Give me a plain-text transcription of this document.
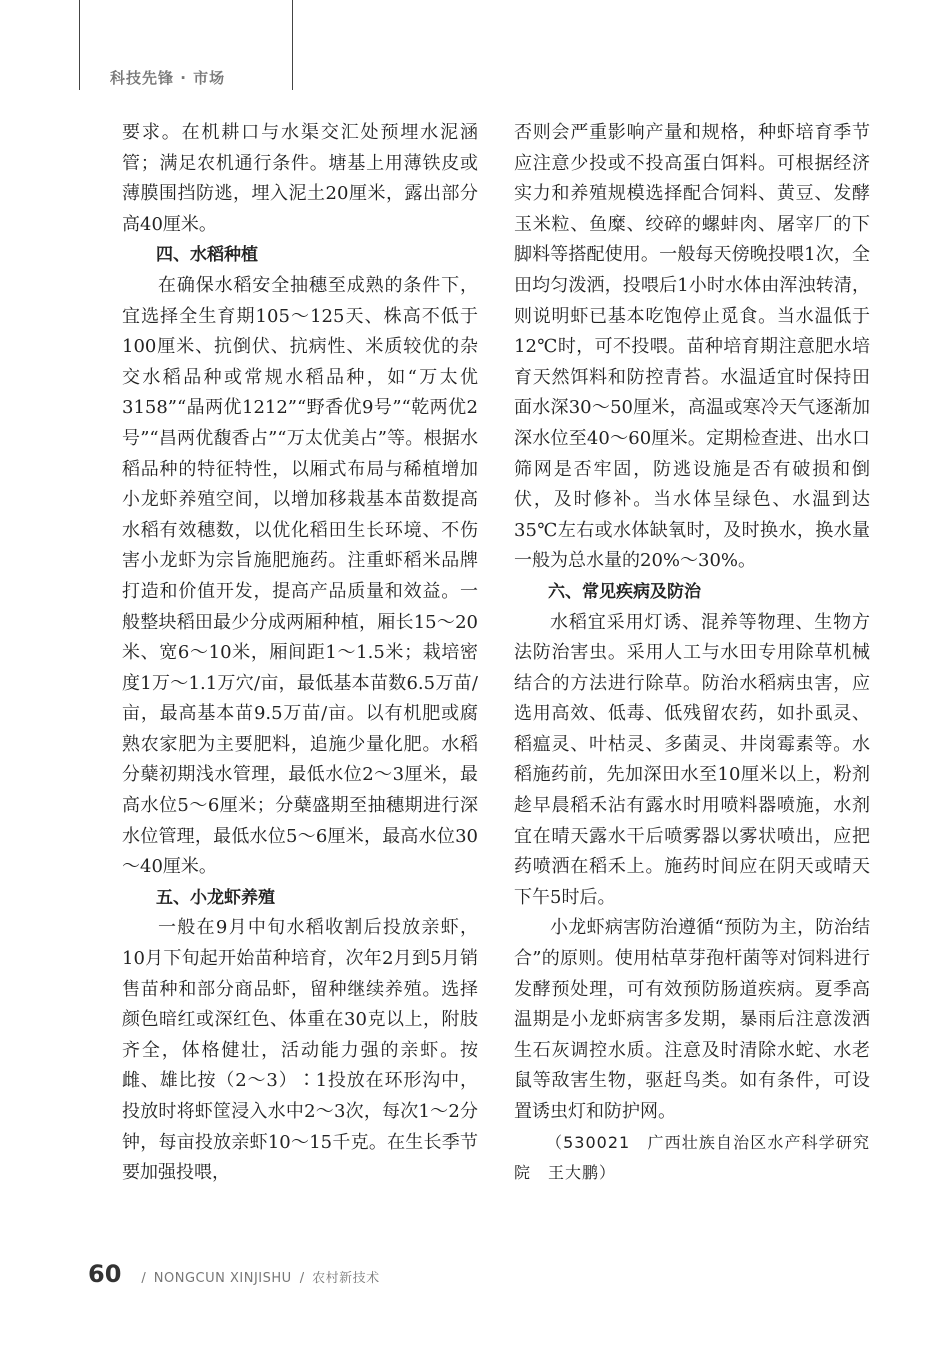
科技先锋 · 市场

要求。在机耕口与水渠交汇处预埋水泥涵管；满足农机通行条件。塘基上用薄铁皮或薄膜围挡防逃，埋入泥土20厘米，露出部分高40厘米。

四、水稻种植

在确保水稻安全抽穗至成熟的条件下，宜选择全生育期105～125天、株高不低于100厘米、抗倒伏、抗病性、米质较优的杂交水稻品种或常规水稻品种，如“万太优3158”“晶两优1212”“野香优9号”“乾两优2号”“昌两优馥香占”“万太优美占”等。根据水稻品种的特征特性，以厢式布局与稀植增加小龙虾养殖空间，以增加移栽基本苗数提高水稻有效穗数，以优化稻田生长环境、不伤害小龙虾为宗旨施肥施药。注重虾稻米品牌打造和价值开发，提高产品质量和效益。一般整块稻田最少分成两厢种植，厢长15～20米、宽6～10米，厢间距1～1.5米；栽培密度1万～1.1万穴/亩，最低基本苗数6.5万苗/亩，最高基本苗9.5万苗/亩。以有机肥或腐熟农家肥为主要肥料，追施少量化肥。水稻分蘖初期浅水管理，最低水位2～3厘米，最高水位5～6厘米；分蘖盛期至抽穗期进行深水位管理，最低水位5～6厘米，最高水位30～40厘米。

五、小龙虾养殖

一般在9月中旬水稻收割后投放亲虾，10月下旬起开始苗种培育，次年2月到5月销售苗种和部分商品虾，留种继续养殖。选择颜色暗红或深红色、体重在30克以上，附肢齐全，体格健壮，活动能力强的亲虾。按雌、雄比按（2～3）∶1投放在环形沟中，投放时将虾筐浸入水中2～3次，每次1～2分钟，每亩投放亲虾10～15千克。在生长季节要加强投喂，

否则会严重影响产量和规格，种虾培育季节应注意少投或不投高蛋白饵料。可根据经济实力和养殖规模选择配合饲料、黄豆、发酵玉米粒、鱼糜、绞碎的螺蚌肉、屠宰厂的下脚料等搭配使用。一般每天傍晚投喂1次，全田均匀泼洒，投喂后1小时水体由浑浊转清，则说明虾已基本吃饱停止觅食。当水温低于12℃时，可不投喂。苗种培育期注意肥水培育天然饵料和防控青苔。水温适宜时保持田面水深30～50厘米，高温或寒冷天气逐渐加深水位至40～60厘米。定期检查进、出水口筛网是否牢固，防逃设施是否有破损和倒伏，及时修补。当水体呈绿色、水温到达35℃左右或水体缺氧时，及时换水，换水量一般为总水量的20%～30%。

六、常见疾病及防治

水稻宜采用灯诱、混养等物理、生物方法防治害虫。采用人工与水田专用除草机械结合的方法进行除草。防治水稻病虫害，应选用高效、低毒、低残留农药，如扑虱灵、稻瘟灵、叶枯灵、多菌灵、井岗霉素等。水稻施药前，先加深田水至10厘米以上，粉剂趁早晨稻禾沾有露水时用喷料器喷施，水剂宜在晴天露水干后喷雾器以雾状喷出，应把药喷洒在稻禾上。施药时间应在阴天或晴天下午5时后。

小龙虾病害防治遵循“预防为主，防治结合”的原则。使用枯草芽孢杆菌等对饲料进行发酵预处理，可有效预防肠道疾病。夏季高温期是小龙虾病害多发期，暴雨后注意泼洒生石灰调控水质。注意及时清除水蛇、水老鼠等敌害生物，驱赶鸟类。如有条件，可设置诱虫灯和防护网。

（530021　广西壮族自治区水产科学研究院　王大鹏）

60 / NONGCUN XINJISHU / 农村新技术
